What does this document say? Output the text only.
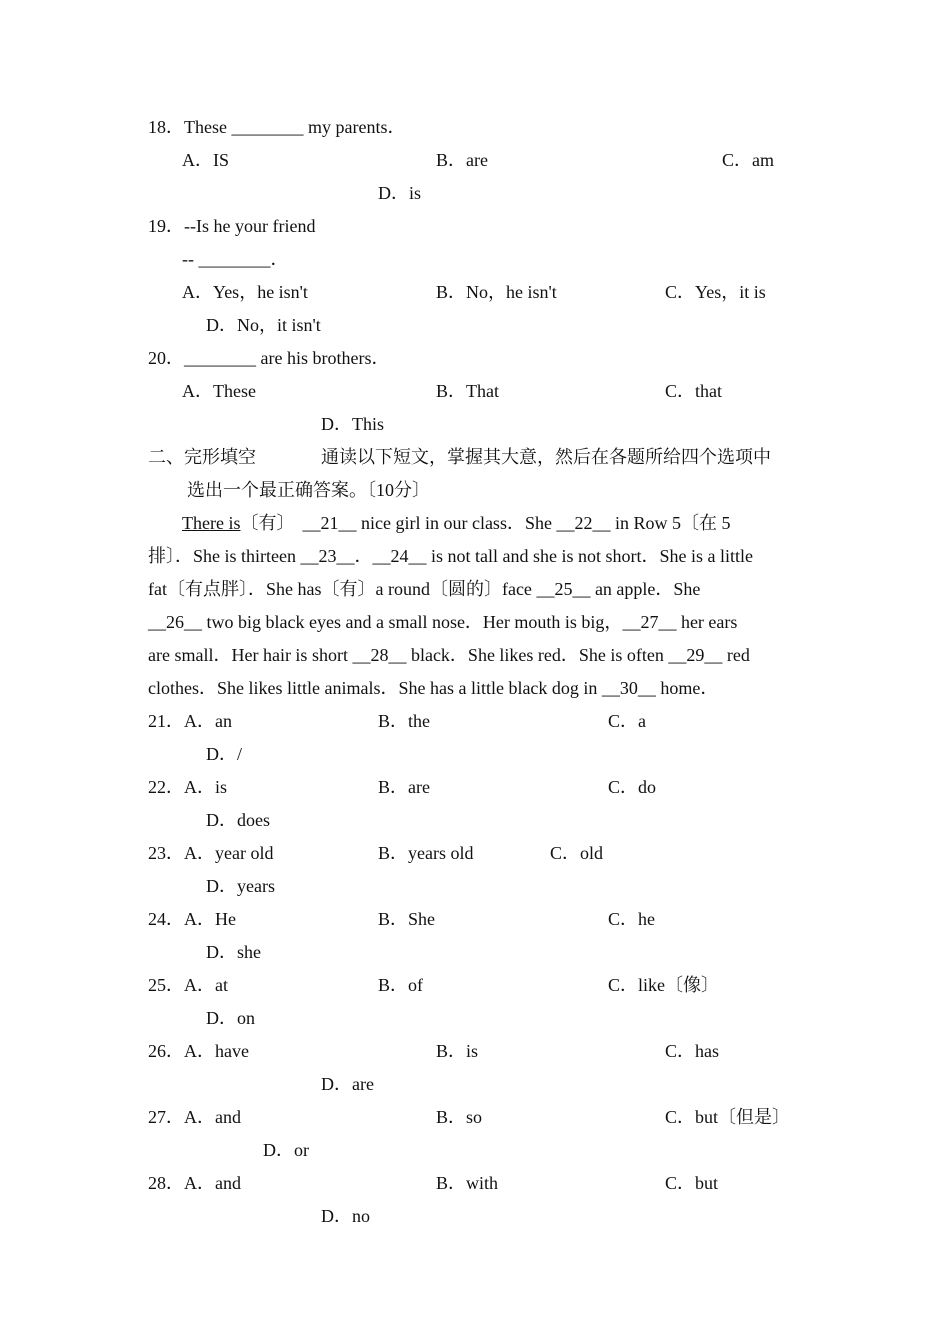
18．These ________ my parents．
A．IS	B．are	C．am
D．is
19．--Is he your friend
-- ________．
A．Yes，he isn't	B．No，he isn't	C．Yes，it is
D．No，it isn't
20．________ are his brothers．
A．These	B．That	C．that
D．This
二、完形填空	通读以下短文，掌握其大意，然后在各题所给四个选项中
选出一个最正确答案。〔10分〕
There is〔有〕 __21__ nice girl in our class．She __22__ in Row 5〔在 5
排〕．She is thirteen __23__．__24__ is not tall and she is not short．She is a little
fat〔有点胖〕．She has〔有〕a round〔圆的〕face __25__ an apple．She
__26__ two big black eyes and a small nose．Her mouth is big，__27__ her ears
are small．Her hair is short __28__ black．She likes red．She is often __29__ red
clothes．She likes little animals．She has a little black dog in __30__ home．
21．A．an	B．the	C．a
D．/
22．A．is	B．are	C．do
D．does
23．A．year old	B．years old	C．old
D．years
24．A．He	B．She	C．he
D．she
25．A．at	B．of	C．like〔像〕
D．on
26．A．have	B．is	C．has
D．are
27．A．and	B．so	C．but〔但是〕
D．or
28．A．and	B．with	C．but
D．no
